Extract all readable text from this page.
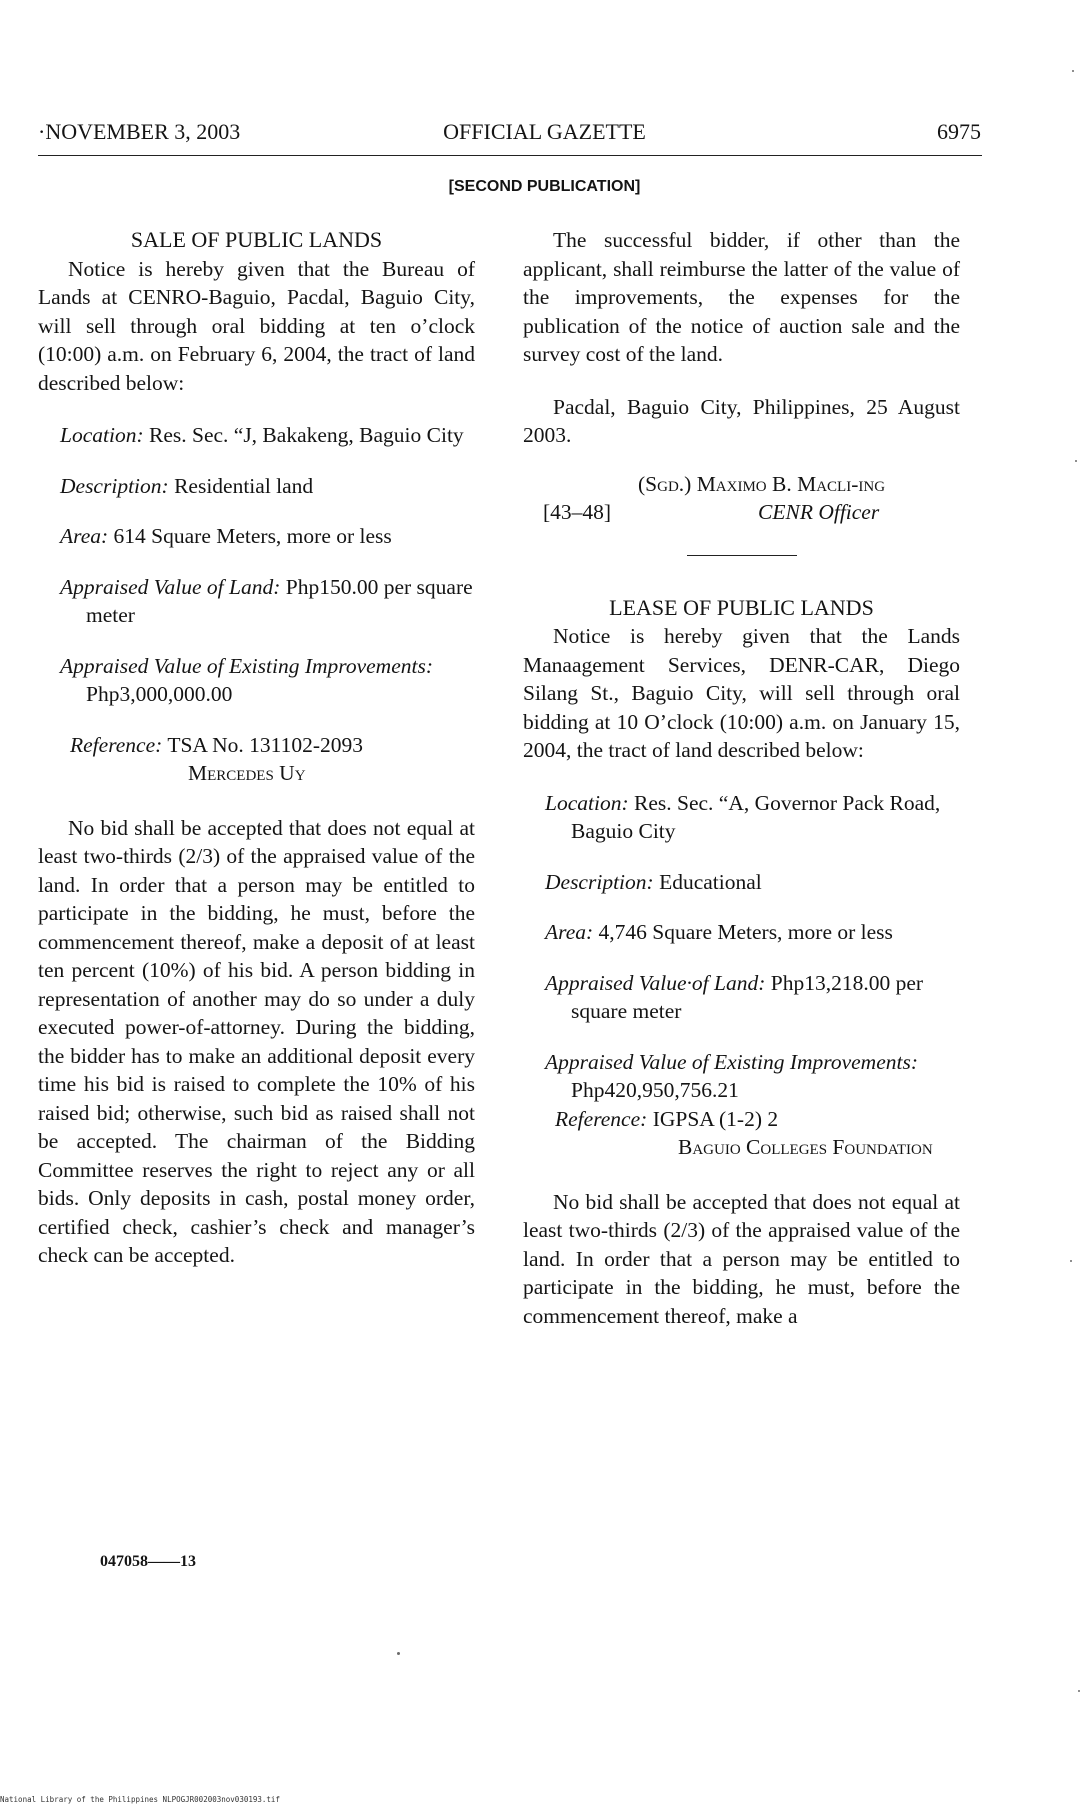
·NOVEMBER 3, 2003	OFFICIAL GAZETTE	6975
[SECOND PUBLICATION]

SALE OF PUBLIC LANDS

Notice is hereby given that the Bureau of Lands at CENRO-Baguio, Pacdal, Baguio City, will sell through oral bidding at ten o’clock (10:00) a.m. on February 6, 2004, the tract of land described below:

Location: Res. Sec. “J, Bakakeng, Baguio City

Description: Residential land

Area: 614 Square Meters, more or less

Appraised Value of Land: Php150.00 per square meter

Appraised Value of Existing Improvements: Php3,000,000.00

Reference: TSA No. 131102-2093
Mercedes Uy

No bid shall be accepted that does not equal at least two-thirds (2/3) of the appraised value of the land. In order that a person may be entitled to participate in the bidding, he must, before the commencement thereof, make a deposit of at least ten percent (10%) of his bid. A person bidding in representation of another may do so under a duly executed power-of-attorney. During the bidding, the bidder has to make an additional deposit every time his bid is raised to complete the 10% of his raised bid; otherwise, such bid as raised shall not be accepted. The chairman of the Bidding Committee reserves the right to reject any or all bids. Only deposits in cash, postal money order, certified check, cashier’s check and manager’s check can be accepted.

The successful bidder, if other than the applicant, shall reimburse the latter of the value of the improvements, the expenses for the publication of the notice of auction sale and the survey cost of the land.

Pacdal, Baguio City, Philippines, 25 August 2003.

(Sgd.) Maximo B. Macli-ing
[43–48]	CENR Officer

LEASE OF PUBLIC LANDS

Notice is hereby given that the Lands Manaagement Services, DENR-CAR, Diego Silang St., Baguio City, will sell through oral bidding at 10 O’clock (10:00) a.m. on January 15, 2004, the tract of land described below:

Location: Res. Sec. “A, Governor Pack Road, Baguio City

Description: Educational

Area: 4,746 Square Meters, more or less

Appraised Value·of Land: Php13,218.00 per square meter

Appraised Value of Existing Improvements: Php420,950,756.21

Reference: IGPSA (1-2) 2
Baguio Colleges Foundation

No bid shall be accepted that does not equal at least two-thirds (2/3) of the appraised value of the land. In order that a person may be entitled to participate in the bidding, he must, before the commencement thereof, make a

047058——13
National Library of the Philippines NLPOGJR002003nov030193.tif
